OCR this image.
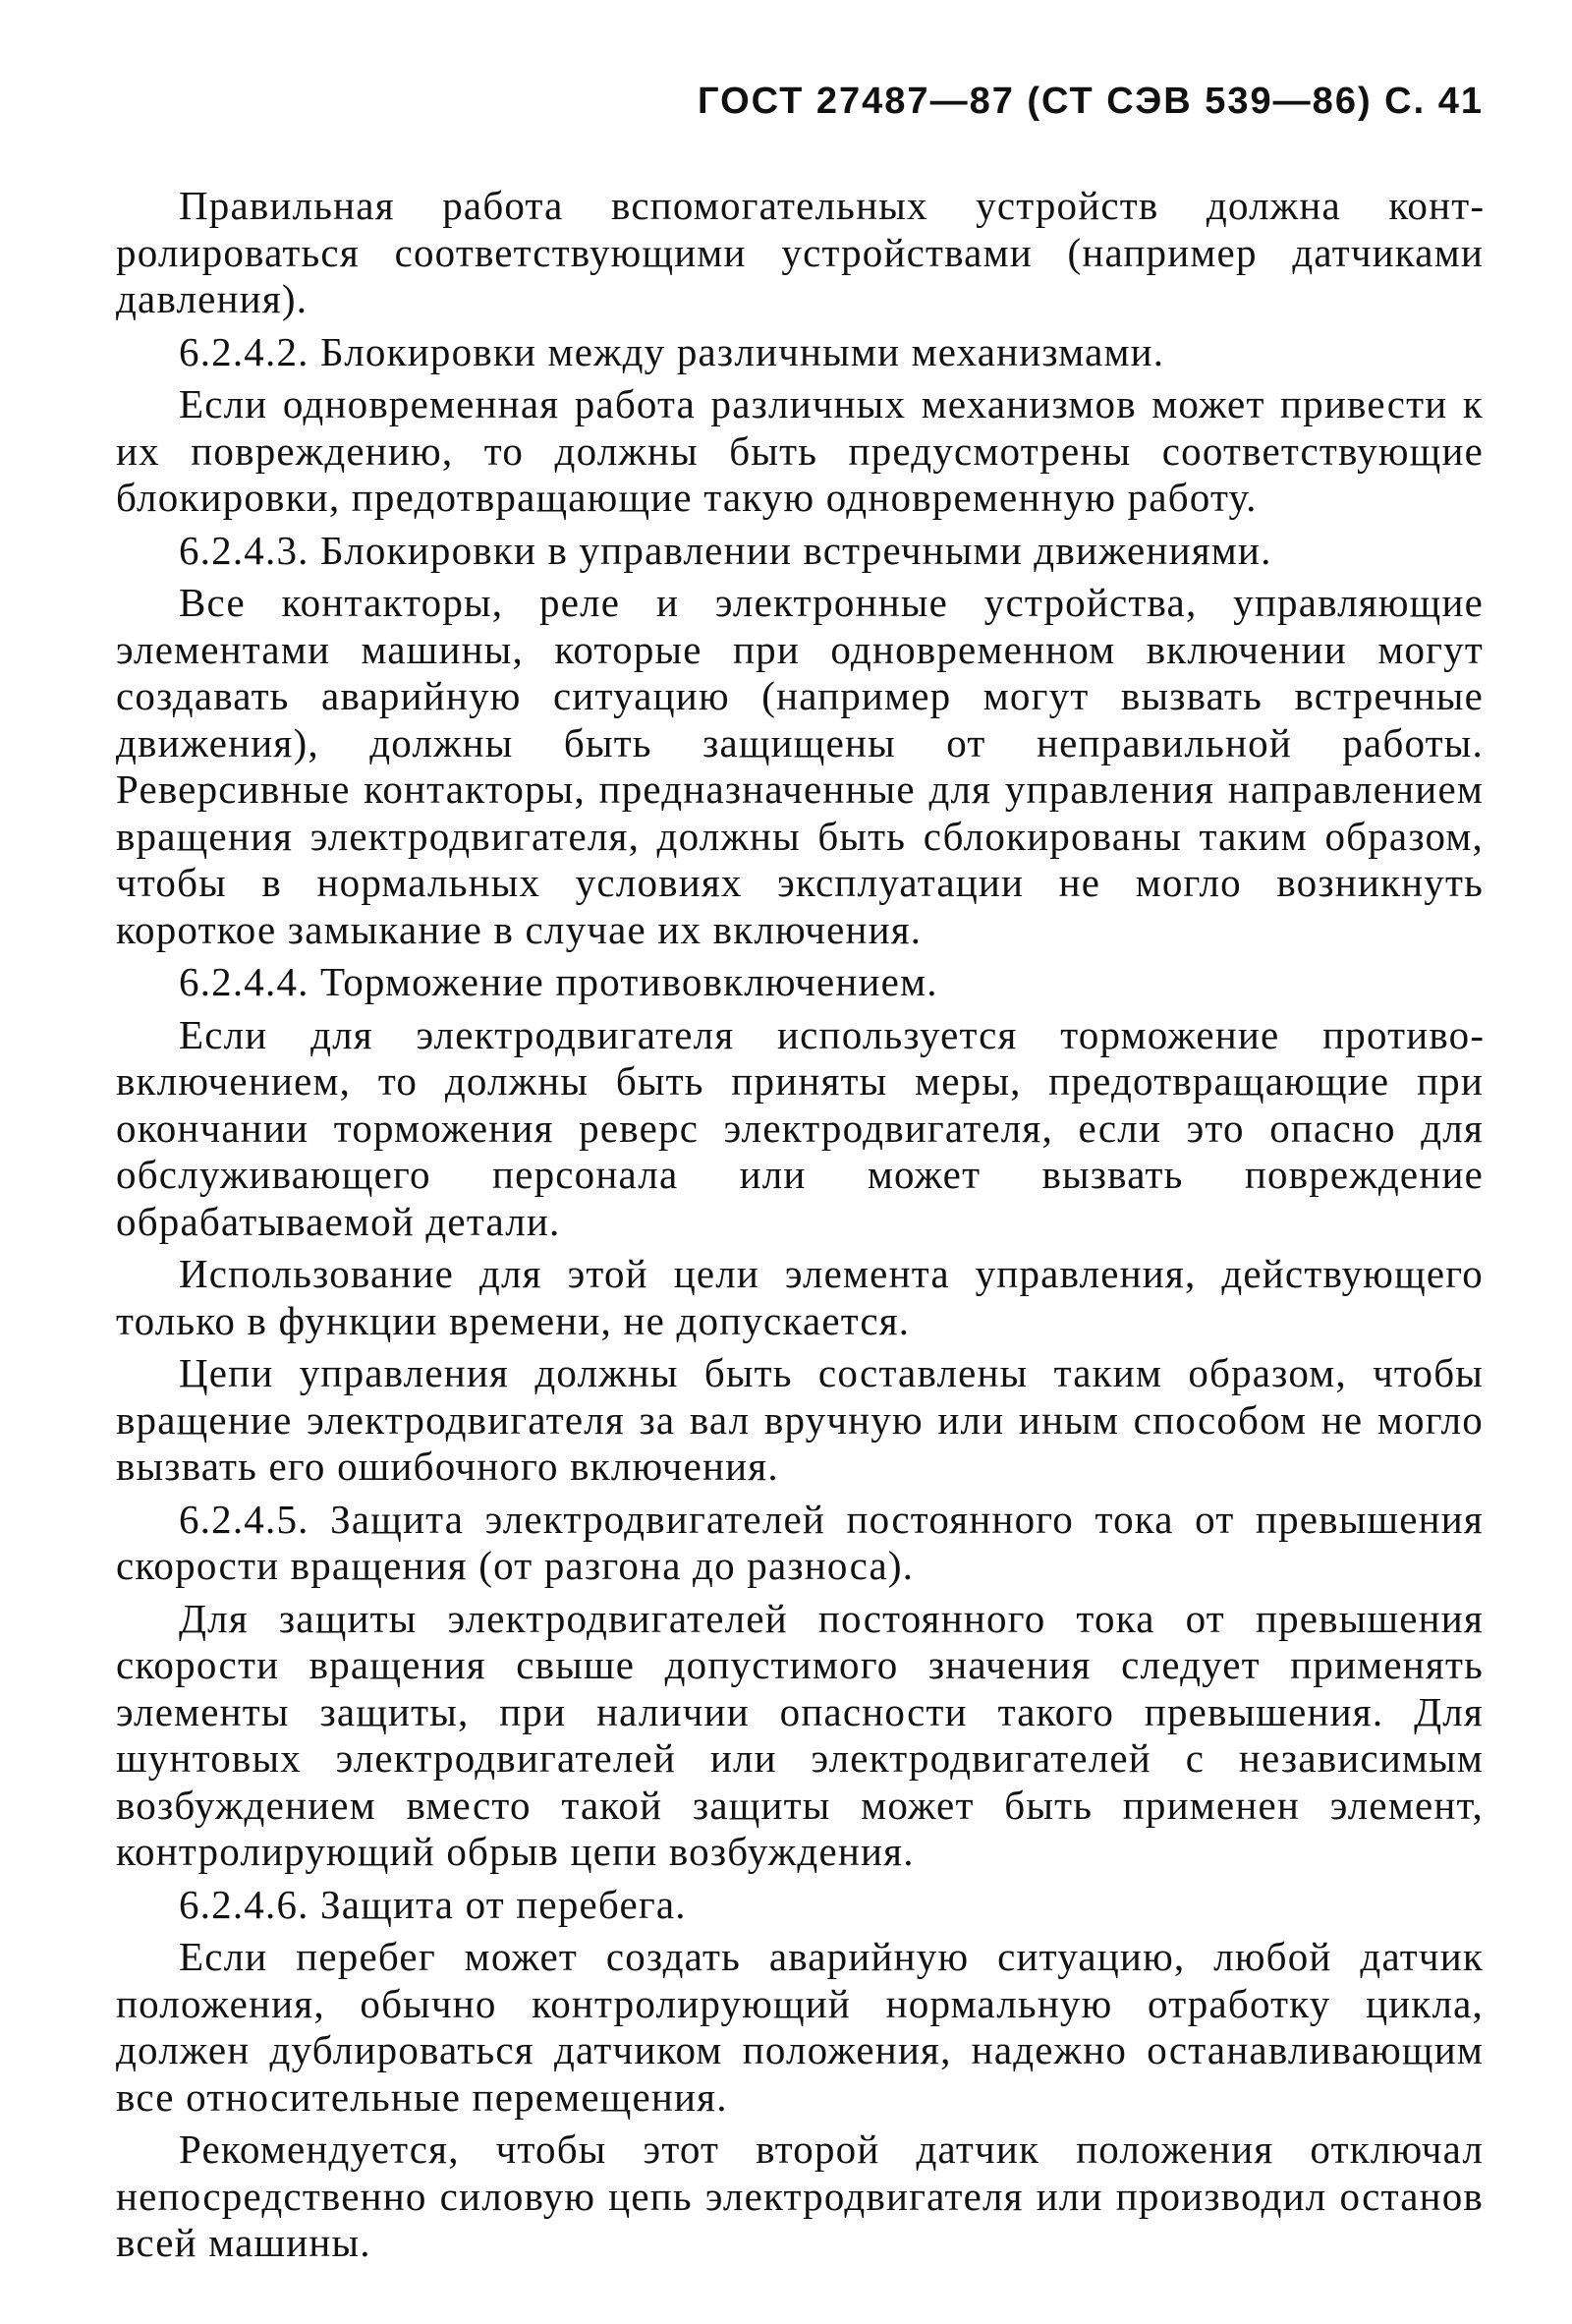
ГОСТ 27487—87 (СТ СЭВ 539—86) С. 41

Правильная работа вспомогательных устройств должна контролироваться соответствующими устройствами (например датчиками давления).

6.2.4.2. Блокировки между различными механизмами.

Если одновременная работа различных механизмов может привести к их повреждению, то должны быть предусмотрены соответствующие блокировки, предотвращающие такую одновременную работу.

6.2.4.3. Блокировки в управлении встречными движениями.

Все контакторы, реле и электронные устройства, управляющие элементами машины, которые при одновременном включении могут создавать аварийную ситуацию (например могут вызвать встречные движения), должны быть защищены от неправильной работы. Реверсивные контакторы, предназначенные для управления направлением вращения электродвигателя, должны быть сблокированы таким образом, чтобы в нормальных условиях эксплуатации не могло возникнуть короткое замыкание в случае их включения.

6.2.4.4. Торможение противовключением.

Если для электродвигателя используется торможение противовключением, то должны быть приняты меры, предотвращающие при окончании торможения реверс электродвигателя, если это опасно для обслуживающего персонала или может вызвать повреждение обрабатываемой детали.

Использование для этой цели элемента управления, действующего только в функции времени, не допускается.

Цепи управления должны быть составлены таким образом, чтобы вращение электродвигателя за вал вручную или иным способом не могло вызвать его ошибочного включения.

6.2.4.5. Защита электродвигателей постоянного тока от превышения скорости вращения (от разгона до разноса).

Для защиты электродвигателей постоянного тока от превышения скорости вращения свыше допустимого значения следует применять элементы защиты, при наличии опасности такого превышения. Для шунтовых электродвигателей или электродвигателей с независимым возбуждением вместо такой защиты может быть применен элемент, контролирующий обрыв цепи возбуждения.

6.2.4.6. Защита от перебега.

Если перебег может создать аварийную ситуацию, любой датчик положения, обычно контролирующий нормальную отработку цикла, должен дублироваться датчиком положения, надежно останавливающим все относительные перемещения.

Рекомендуется, чтобы этот второй датчик положения отключал непосредственно силовую цепь электродвигателя или производил останов всей машины.
